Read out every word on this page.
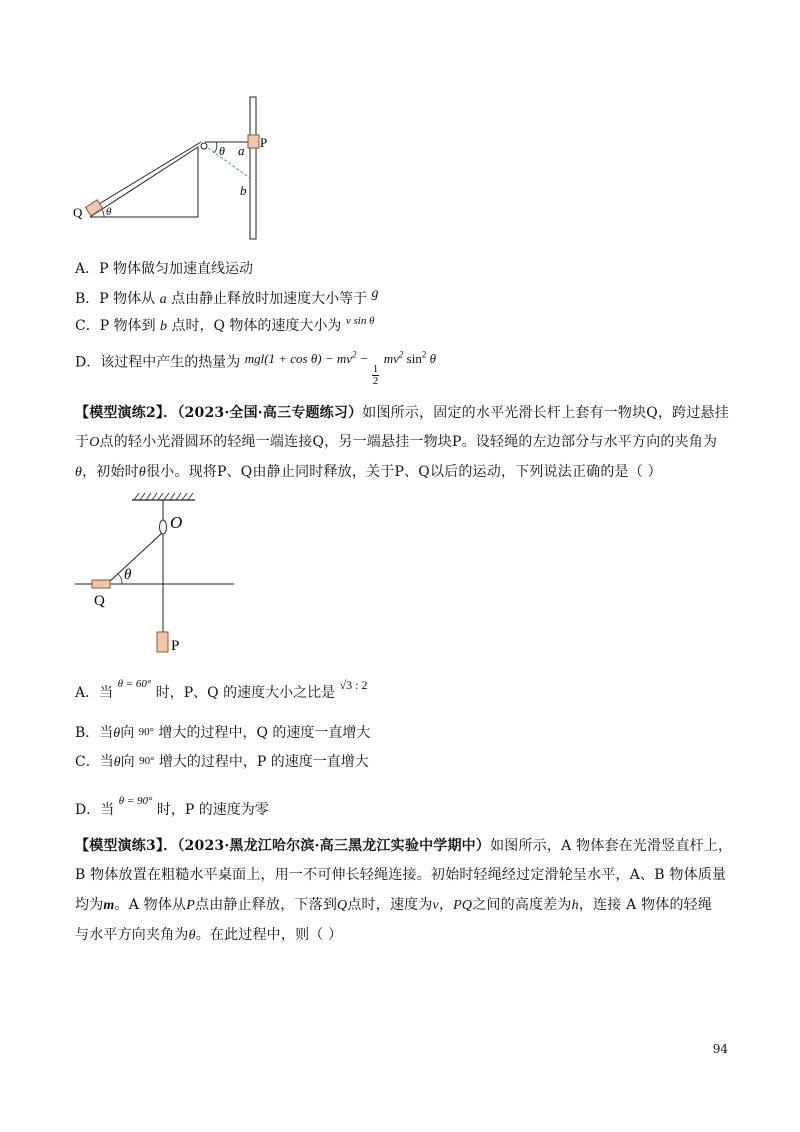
θ
P
a
b
Q θ
A．P 物体做匀加速直线运动
B．P 物体从 a 点由静止释放时加速度大小等于 g
C．P 物体到 b 点时，Q 物体的速度大小为 $^{v sin \theta}$
D．该过程中产生的热量为 $mgl(1 + \cos \theta) - mv^2$ −
$\frac{1}{2}$
$mv^2$ $\sin^2 \theta$
【模型演练2】．（2023·全国·高三专题练习）如图所示，固定的水平光滑长杆上套有一物块Q，跨过悬挂
于O点的轻小光滑圆环的轻绳一端连接Q，另一端悬挂一物块P。设轻绳的左边部分与水平方向的夹角为
θ，初始时θ很小。现将P、Q由静止同时释放，关于P、Q以后的运动，下列说法正确的是（ ）
O
θ
Q
P
A．当 $^{\theta = 60^\circ}$ 时，P、Q 的速度大小之比是 √3 : 2
B．当θ向 90° 增大的过程中，Q 的速度一直增大
C．当θ向 90° 增大的过程中，P 的速度一直增大
D．当 $^{\theta = 90^\circ}$ 时，P 的速度为零
【模型演练3】．（2023·黑龙江哈尔滨·高三黑龙江实验中学期中）如图所示，A 物体套在光滑竖直杆上，
B 物体放置在粗糙水平桌面上，用一不可伸长轻绳连接。初始时轻绳经过定滑轮呈水平，A、B 物体质量
均为m。A 物体从P点由静止释放，下落到Q点时，速度为v，PQ之间的高度差为h，连接 A 物体的轻绳
与水平方向夹角为θ。在此过程中，则（ ）
94
